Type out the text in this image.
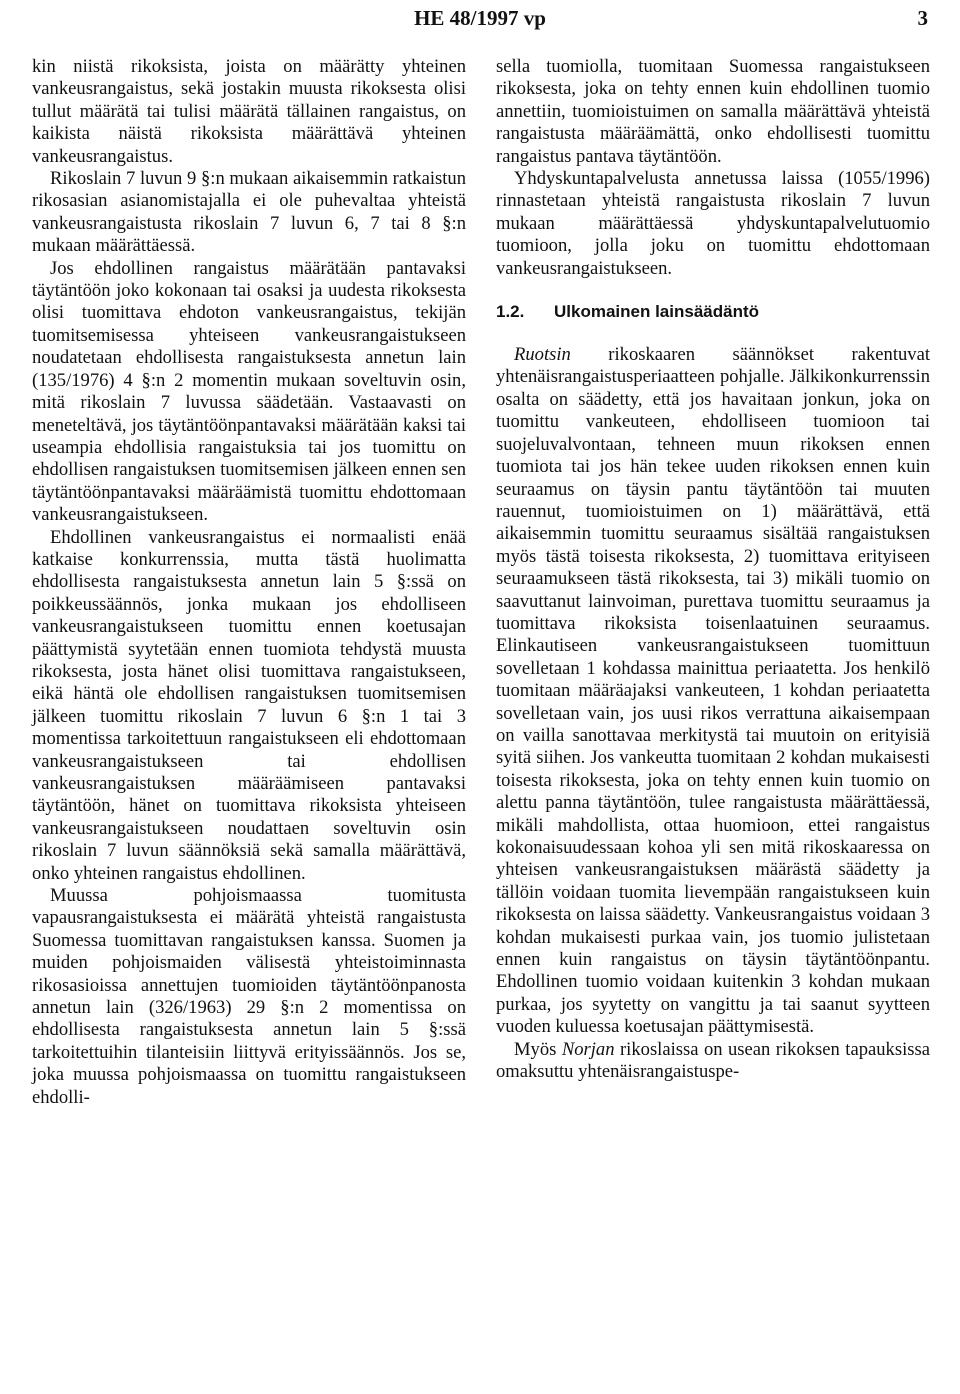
HE 48/1997 vp	3

kin niistä rikoksista, joista on määrätty yhteinen vankeusrangaistus, sekä jostakin muusta rikoksesta olisi tullut määrätä tai tulisi määrätä tällainen rangaistus, on kaikista näistä rikoksista määrättävä yhteinen vankeusrangaistus.

Rikoslain 7 luvun 9 §:n mukaan aikaisemmin ratkaistun rikosasian asianomistajalla ei ole puhevaltaa yhteistä vankeusrangaistusta rikoslain 7 luvun 6, 7 tai 8 §:n mukaan määrättäessä.

Jos ehdollinen rangaistus määrätään pantavaksi täytäntöön joko kokonaan tai osaksi ja uudesta rikoksesta olisi tuomittava ehdoton vankeusrangaistus, tekijän tuomitsemisessa yhteiseen vankeusrangaistukseen noudatetaan ehdollisesta rangaistuksesta annetun lain (135/1976) 4 §:n 2 momentin mukaan soveltuvin osin, mitä rikoslain 7 luvussa säädetään. Vastaavasti on meneteltävä, jos täytäntöönpantavaksi määrätään kaksi tai useampia ehdollisia rangaistuksia tai jos tuomittu on ehdollisen rangaistuksen tuomitsemisen jälkeen ennen sen täytäntöönpantavaksi määräämistä tuomittu ehdottomaan vankeusrangaistukseen.

Ehdollinen vankeusrangaistus ei normaalisti enää katkaise konkurrenssia, mutta tästä huolimatta ehdollisesta rangaistuksesta annetun lain 5 §:ssä on poikkeussäännös, jonka mukaan jos ehdolliseen vankeusrangaistukseen tuomittu ennen koetusajan päättymistä syytetään ennen tuomiota tehdystä muusta rikoksesta, josta hänet olisi tuomittava rangaistukseen, eikä häntä ole ehdollisen rangaistuksen tuomitsemisen jälkeen tuomittu rikoslain 7 luvun 6 §:n 1 tai 3 momentissa tarkoitettuun rangaistukseen eli ehdottomaan vankeusrangaistukseen tai ehdollisen vankeusrangaistuksen määräämiseen pantavaksi täytäntöön, hänet on tuomittava rikoksista yhteiseen vankeusrangaistukseen noudattaen soveltuvin osin rikoslain 7 luvun säännöksiä sekä samalla määrättävä, onko yhteinen rangaistus ehdollinen.

Muussa pohjoismaassa tuomitusta vapausrangaistuksesta ei määrätä yhteistä rangaistusta Suomessa tuomittavan rangaistuksen kanssa. Suomen ja muiden pohjoismaiden välisestä yhteistoiminnasta rikosasioissa annettujen tuomioiden täytäntöönpanosta annetun lain (326/1963) 29 §:n 2 momentissa on ehdollisesta rangaistuksesta annetun lain 5 §:ssä tarkoitettuihin tilanteisiin liittyvä erityissäännös. Jos se, joka muussa pohjoismaassa on tuomittu rangaistukseen ehdolli-

sella tuomiolla, tuomitaan Suomessa rangaistukseen rikoksesta, joka on tehty ennen kuin ehdollinen tuomio annettiin, tuomioistuimen on samalla määrättävä yhteistä rangaistusta määräämättä, onko ehdollisesti tuomittu rangaistus pantava täytäntöön.

Yhdyskuntapalvelusta annetussa laissa (1055/1996) rinnastetaan yhteistä rangaistusta rikoslain 7 luvun mukaan määrättäessä yhdyskuntapalvelutuomio tuomioon, jolla joku on tuomittu ehdottomaan vankeusrangaistukseen.

1.2. Ulkomainen lainsäädäntö

Ruotsin rikoskaaren säännökset rakentuvat yhtenäisrangaistusperiaatteen pohjalle. Jälkikonkurrenssin osalta on säädetty, että jos havaitaan jonkun, joka on tuomittu vankeuteen, ehdolliseen tuomioon tai suojeluvalvontaan, tehneen muun rikoksen ennen tuomiota tai jos hän tekee uuden rikoksen ennen kuin seuraamus on täysin pantu täytäntöön tai muuten rauennut, tuomioistuimen on 1) määrättävä, että aikaisemmin tuomittu seuraamus sisältää rangaistuksen myös tästä toisesta rikoksesta, 2) tuomittava erityiseen seuraamukseen tästä rikoksesta, tai 3) mikäli tuomio on saavuttanut lainvoiman, purettava tuomittu seuraamus ja tuomittava rikoksista toisenlaatuinen seuraamus. Elinkautiseen vankeusrangaistukseen tuomittuun sovelletaan 1 kohdassa mainittua periaatetta. Jos henkilö tuomitaan määräajaksi vankeuteen, 1 kohdan periaatetta sovelletaan vain, jos uusi rikos verrattuna aikaisempaan on vailla sanottavaa merkitystä tai muutoin on erityisiä syitä siihen. Jos vankeutta tuomitaan 2 kohdan mukaisesti toisesta rikoksesta, joka on tehty ennen kuin tuomio on alettu panna täytäntöön, tulee rangaistusta määrättäessä, mikäli mahdollista, ottaa huomioon, ettei rangaistus kokonaisuudessaan kohoa yli sen mitä rikoskaaressa on yhteisen vankeusrangaistuksen määrästä säädetty ja tällöin voidaan tuomita lievempään rangaistukseen kuin rikoksesta on laissa säädetty. Vankeusrangaistus voidaan 3 kohdan mukaisesti purkaa vain, jos tuomio julistetaan ennen kuin rangaistus on täysin täytäntöönpantu. Ehdollinen tuomio voidaan kuitenkin 3 kohdan mukaan purkaa, jos syytetty on vangittu ja tai saanut syytteen vuoden kuluessa koetusajan päättymisestä.

Myös Norjan rikoslaissa on usean rikoksen tapauksissa omaksuttu yhtenäisrangaistuspe-
